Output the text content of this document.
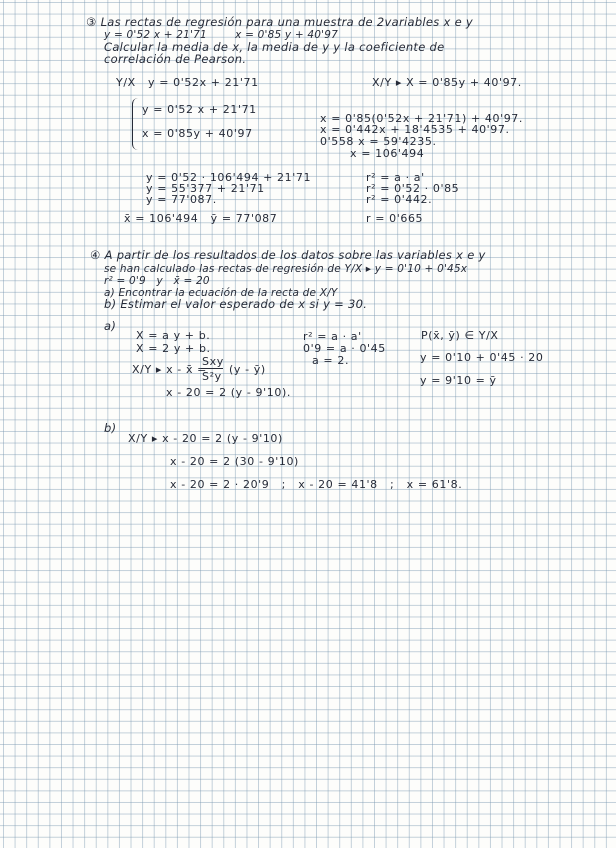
③ Las rectas de regresión para una muestra de 2variables x e y
y = 0'52 x + 21'71        x = 0'85 y + 40'97
Calcular la media de x, la media de y y la coeficiente de
correlación de Pearson.
Y/X   y = 0'52x + 21'71	X/Y ▸ X = 0'85y + 40'97.
y = 0'52 x + 21'71
x = 0'85y + 40'97
x = 0'85(0'52x + 21'71) + 40'97.
x = 0'442x + 18'4535 + 40'97.
0'558 x = 59'4235.
x = 106'494
y = 0'52 · 106'494 + 21'71
y = 55'377 + 21'71
y = 77'087.
r² = a · a'
r² = 0'52 · 0'85
r² = 0'442.
x̄ = 106'494   ȳ = 77'087	r = 0'665
④ A partir de los resultados de los datos sobre las variables x e y
se han calculado las rectas de regresión de Y/X ▸ y = 0'10 + 0'45x
r² = 0'9   y   x̄ = 20
a) Encontrar la ecuación de la recta de X/Y
b) Estimar el valor esperado de x si y = 30.
a)
X = a y + b.
X = 2 y + b.
X/Y ▸ x - x̄ =
Sxy
S²y
(y - ȳ)
x - 20 = 2 (y - 9'10).
r² = a · a'
0'9 = a · 0'45
a = 2.
P(x̄, ȳ) ∈ Y/X
y = 0'10 + 0'45 · 20
y = 9'10 = ȳ
b)
X/Y ▸ x - 20 = 2 (y - 9'10)
x - 20 = 2 (30 - 9'10)
x - 20 = 2 · 20'9   ;   x - 20 = 41'8   ;   x = 61'8.
